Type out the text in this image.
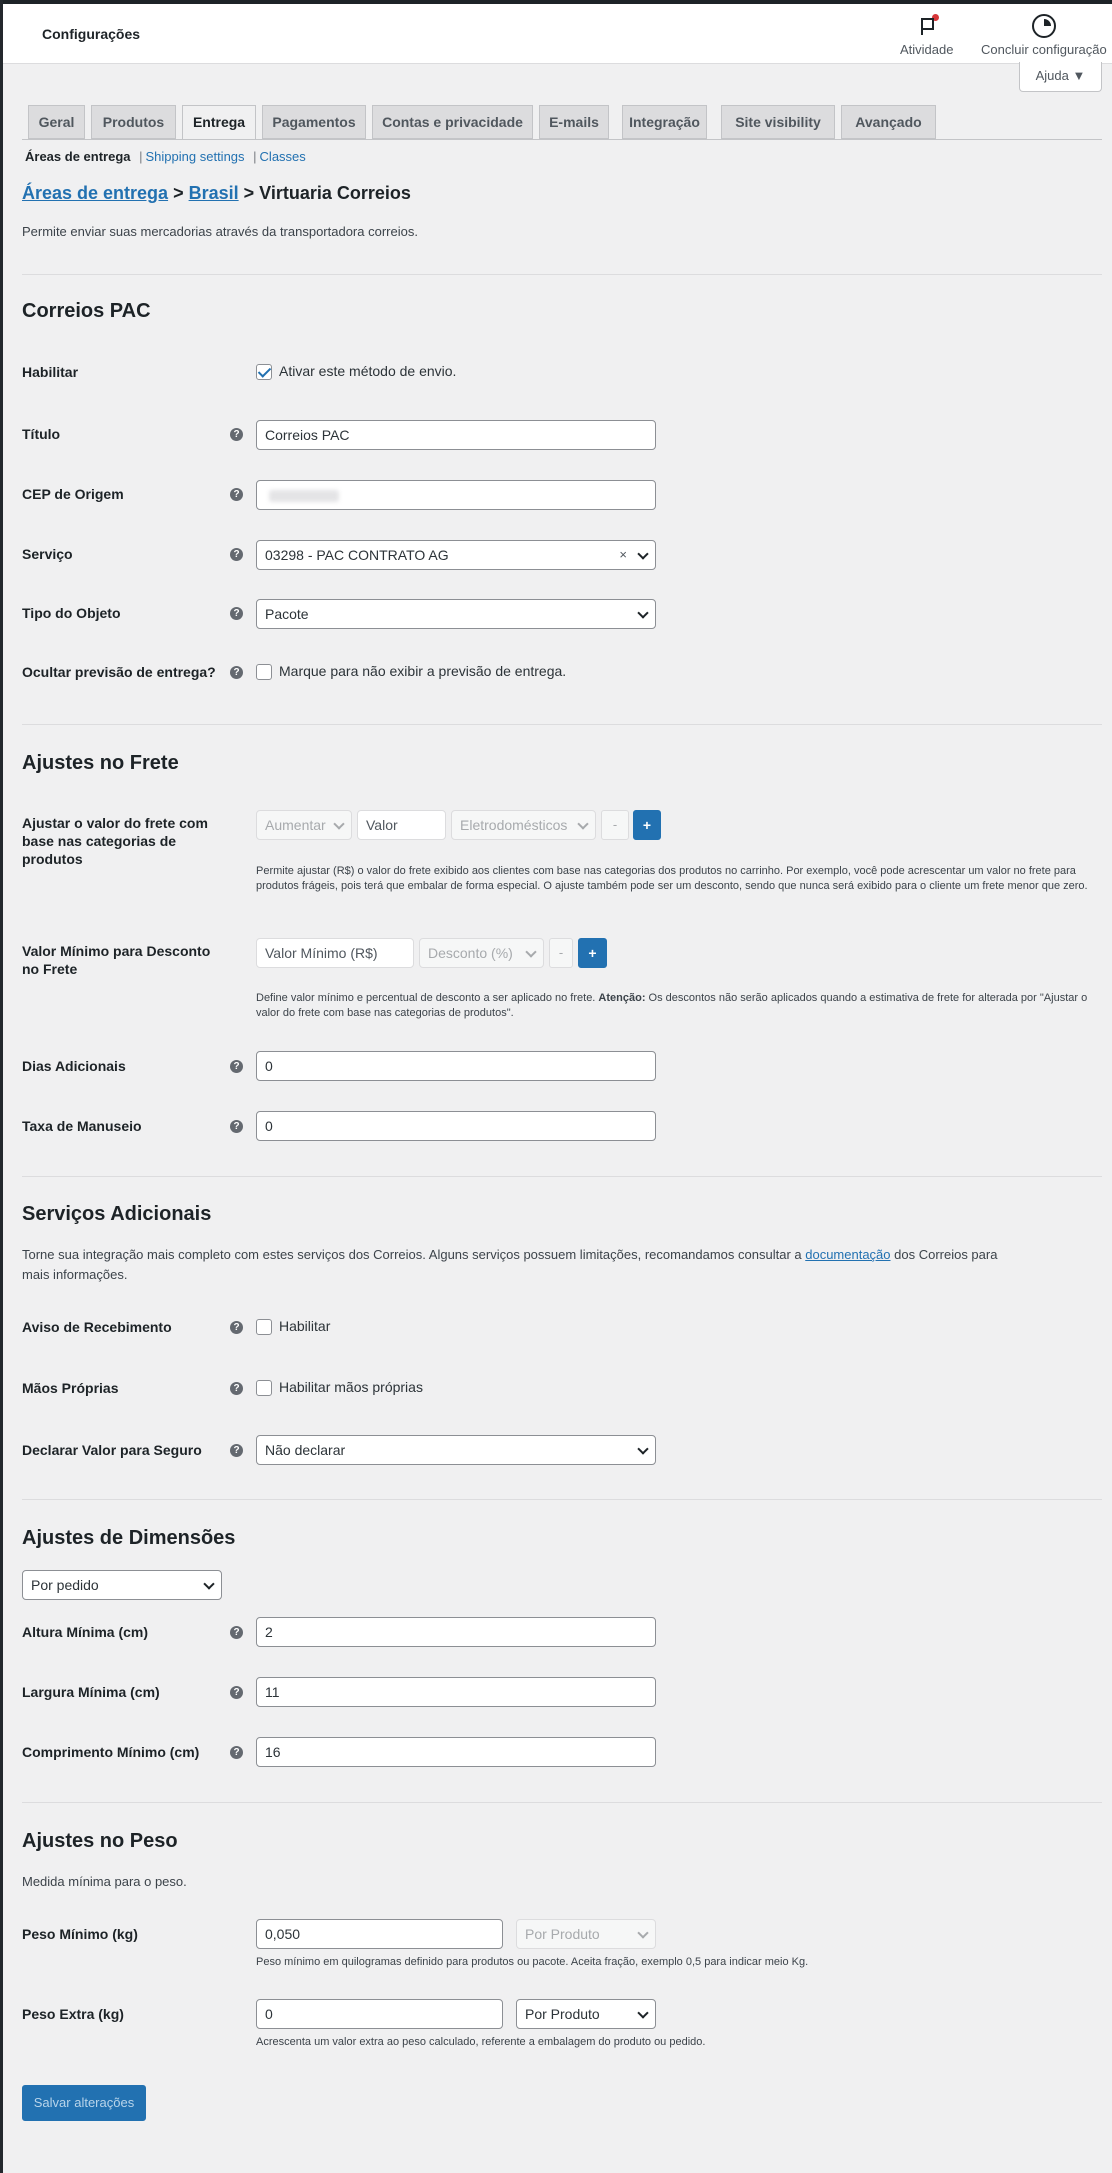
Configurações
Atividade Concluir configuração
Ajuda ▼
Geral	Produtos	Entrega	Pagamentos	Contas e privacidade	E-mails	Integração	Site visibility	Avançado
Áreas de entrega | Shipping settings | Classes
Áreas de entrega > Brasil > Virtuaria Correios
Permite enviar suas mercadorias através da transportadora correios.
Correios PAC
Habilitar	Ativar este método de envio.
Título	?	Correios PAC
CEP de Origem	?
Serviço	?	03298 - PAC CONTRATO AG	×
Tipo do Objeto	?	Pacote
Ocultar previsão de entrega?	?	Marque para não exibir a previsão de entrega.
Ajustes no Frete
Ajustar o valor do frete com base nas categorias de produtos
Aumentar	Valor	Eletrodomésticos	-	+
Permite ajustar (R$) o valor do frete exibido aos clientes com base nas categorias dos produtos no carrinho. Por exemplo, você pode acrescentar um valor no frete para produtos frágeis, pois terá que embalar de forma especial. O ajuste também pode ser um desconto, sendo que nunca será exibido para o cliente um frete menor que zero.
Valor Mínimo para Desconto no Frete
Valor Mínimo (R$)	Desconto (%)	-	+
Define valor mínimo e percentual de desconto a ser aplicado no frete. Atenção: Os descontos não serão aplicados quando a estimativa de frete for alterada por "Ajustar o valor do frete com base nas categorias de produtos".
Dias Adicionais	?	0
Taxa de Manuseio	?	0
Serviços Adicionais
Torne sua integração mais completo com estes serviços dos Correios. Alguns serviços possuem limitações, recomandamos consultar a documentação dos Correios para mais informações.
Aviso de Recebimento	?	Habilitar
Mãos Próprias	?	Habilitar mãos próprias
Declarar Valor para Seguro	?	Não declarar
Ajustes de Dimensões
Por pedido
Altura Mínima (cm)	?	2
Largura Mínima (cm)	?	11
Comprimento Mínimo (cm)	?	16
Ajustes no Peso
Medida mínima para o peso.
Peso Mínimo (kg)	0,050	Por Produto
Peso mínimo em quilogramas definido para produtos ou pacote. Aceita fração, exemplo 0,5 para indicar meio Kg.
Peso Extra (kg)	0	Por Produto
Acrescenta um valor extra ao peso calculado, referente a embalagem do produto ou pedido.
Salvar alterações
